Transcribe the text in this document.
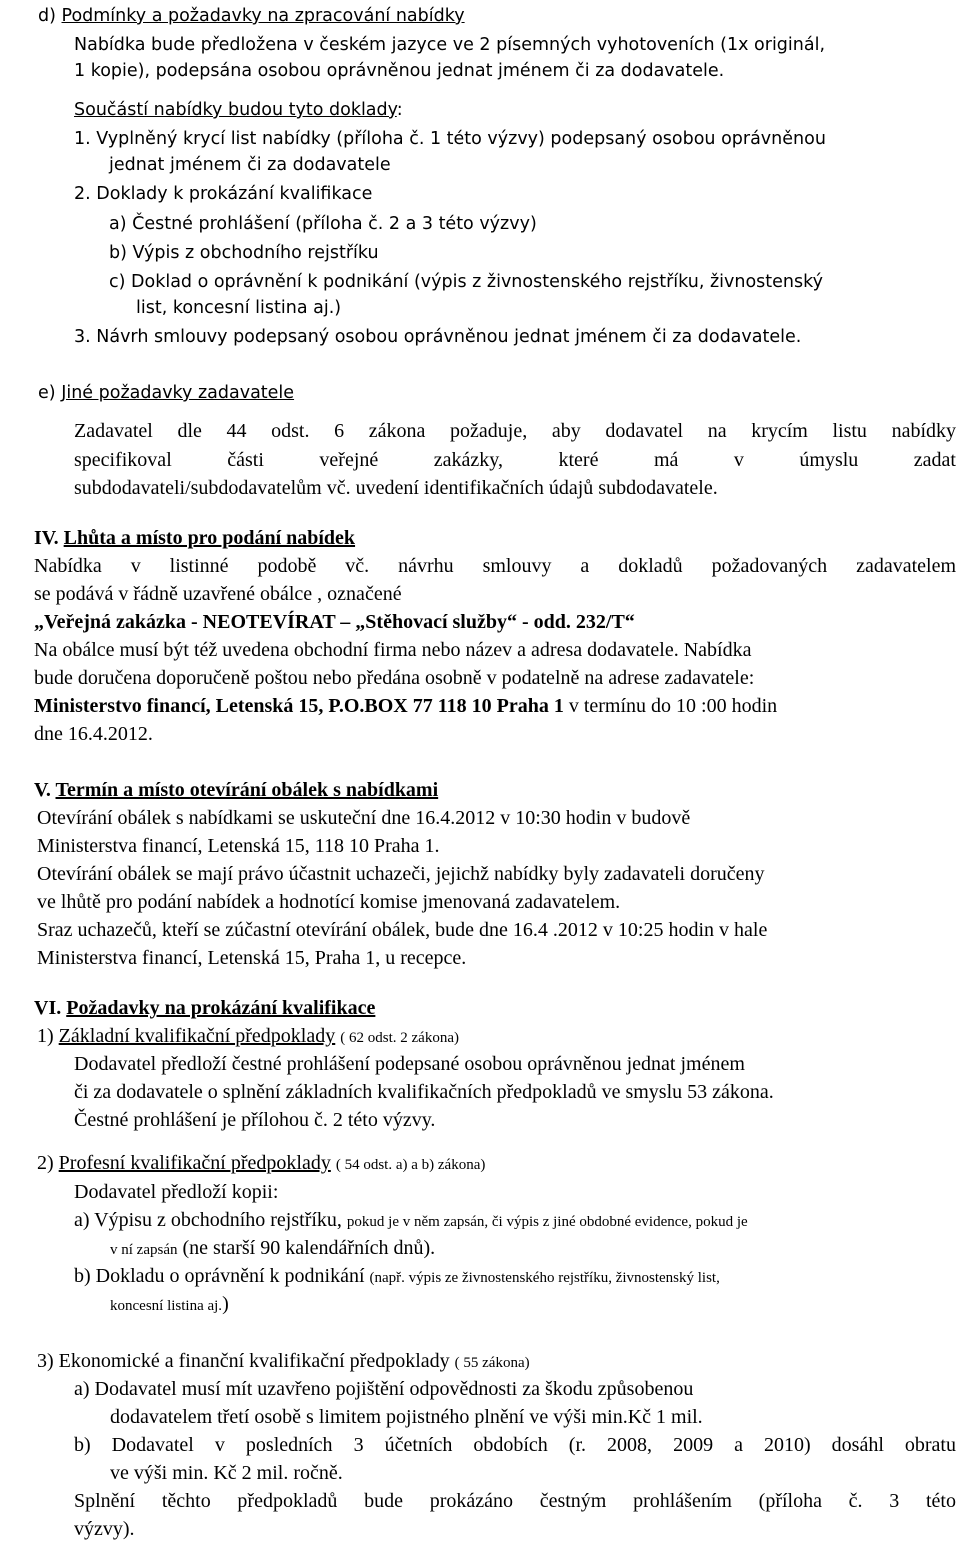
d) Podmínky a požadavky na zpracování nabídky
Nabídka bude předložena v českém jazyce ve 2 písemných vyhotoveních (1x originál,
1 kopie), podepsána osobou oprávněnou jednat jménem či za dodavatele.
Součástí nabídky budou tyto doklady:
1. Vyplněný krycí list nabídky (příloha č. 1 této výzvy) podepsaný osobou oprávněnou
jednat jménem či za dodavatele
2. Doklady k prokázání kvalifikace
a) Čestné prohlášení (příloha č. 2 a 3 této výzvy)
b) Výpis z obchodního rejstříku
c) Doklad o oprávnění k podnikání (výpis z živnostenského rejstříku, živnostenský
list, koncesní listina aj.)
3. Návrh smlouvy podepsaný osobou oprávněnou jednat jménem či za dodavatele.
e) Jiné požadavky zadavatele
Zadavatel dle 44 odst. 6 zákona požaduje, aby dodavatel na krycím listu nabídky
specifikoval části veřejné zakázky, které má v úmyslu zadat
subdodavateli/subdodavatelům vč. uvedení identifikačních údajů subdodavatele.
IV. Lhůta a místo pro podání nabídek
Nabídka v listinné podobě vč. návrhu smlouvy a dokladů požadovaných zadavatelem
se podává v řádně uzavřené obálce , označené
„Veřejná zakázka - NEOTEVÍRAT – „Stěhovací služby“ - odd. 232/T“
Na obálce musí být též uvedena obchodní firma nebo název a adresa dodavatele. Nabídka
bude doručena doporučeně poštou nebo předána osobně v podatelně na adrese zadavatele:
Ministerstvo financí, Letenská 15, P.O.BOX 77 118 10 Praha 1 v termínu do 10 :00 hodin
dne 16.4.2012.
V. Termín a místo otevírání obálek s nabídkami
Otevírání obálek s nabídkami se uskuteční dne 16.4.2012 v 10:30 hodin v budově
Ministerstva financí, Letenská 15, 118 10 Praha 1.
Otevírání obálek se mají právo účastnit uchazeči, jejichž nabídky byly zadavateli doručeny
ve lhůtě pro podání nabídek a hodnotící komise jmenovaná zadavatelem.
Sraz uchazečů, kteří se zúčastní otevírání obálek, bude dne 16.4 .2012 v 10:25 hodin v hale
Ministerstva financí, Letenská 15, Praha 1, u recepce.
VI. Požadavky na prokázání kvalifikace
1) Základní kvalifikační předpoklady ( 62 odst. 2 zákona)
Dodavatel předloží čestné prohlášení podepsané osobou oprávněnou jednat jménem
či za dodavatele o splnění základních kvalifikačních předpokladů ve smyslu 53 zákona.
Čestné prohlášení je přílohou č. 2 této výzvy.
2) Profesní kvalifikační předpoklady ( 54 odst. a) a b) zákona)
Dodavatel předloží kopii:
a) Výpisu z obchodního rejstříku, pokud je v něm zapsán, či výpis z jiné obdobné evidence, pokud je
v ní zapsán (ne starší 90 kalendářních dnů).
b) Dokladu o oprávnění k podnikání (např. výpis ze živnostenského rejstříku, živnostenský list,
koncesní listina aj.)
3) Ekonomické a finanční kvalifikační předpoklady ( 55 zákona)
a) Dodavatel musí mít uzavřeno pojištění odpovědnosti za škodu způsobenou
dodavatelem třetí osobě s limitem pojistného plnění ve výši min.Kč 1 mil.
b) Dodavatel v posledních 3 účetních obdobích (r. 2008, 2009 a 2010) dosáhl obratu
ve výši min. Kč 2 mil. ročně.
Splnění těchto předpokladů bude prokázáno čestným prohlášením (příloha č. 3 této
výzvy).
